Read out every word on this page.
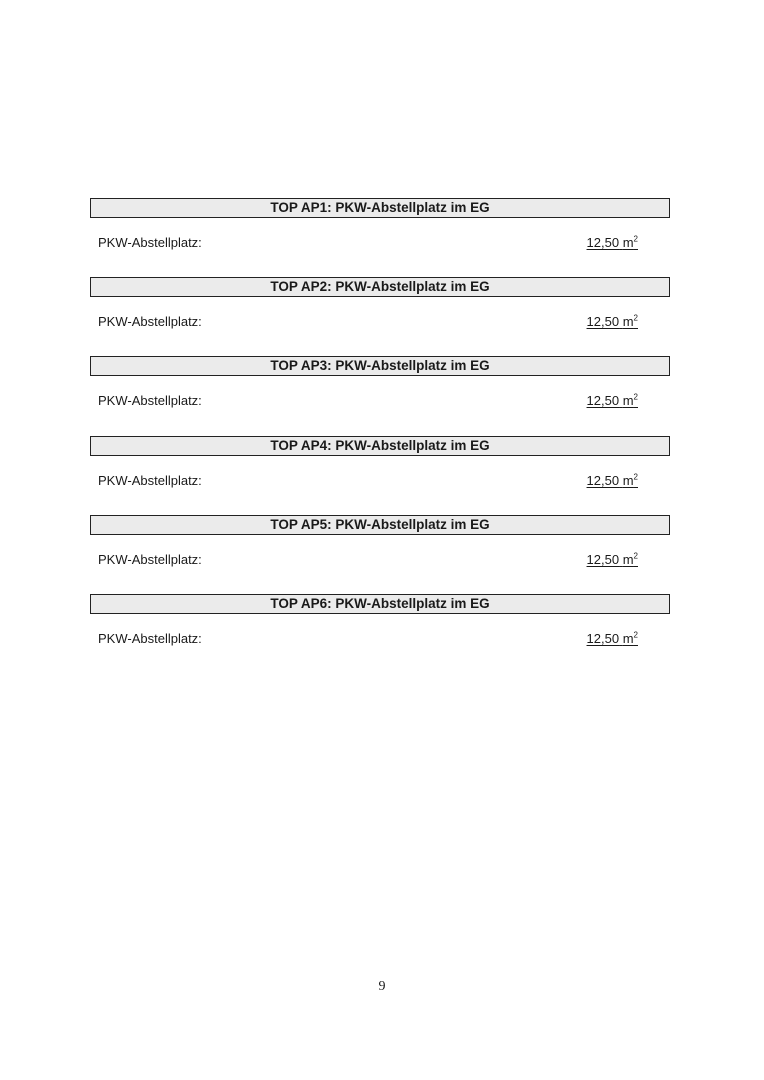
TOP AP1: PKW-Abstellplatz im EG
PKW-Abstellplatz:	12,50 $m^2$
TOP AP2: PKW-Abstellplatz im EG
PKW-Abstellplatz:	12,50 $m^2$
TOP AP3: PKW-Abstellplatz im EG
PKW-Abstellplatz:	12,50 $m^2$
TOP AP4: PKW-Abstellplatz im EG
PKW-Abstellplatz:	12,50 $m^2$
TOP AP5: PKW-Abstellplatz im EG
PKW-Abstellplatz:	12,50 $m^2$
TOP AP6: PKW-Abstellplatz im EG
PKW-Abstellplatz:	12,50 $m^2$
9
